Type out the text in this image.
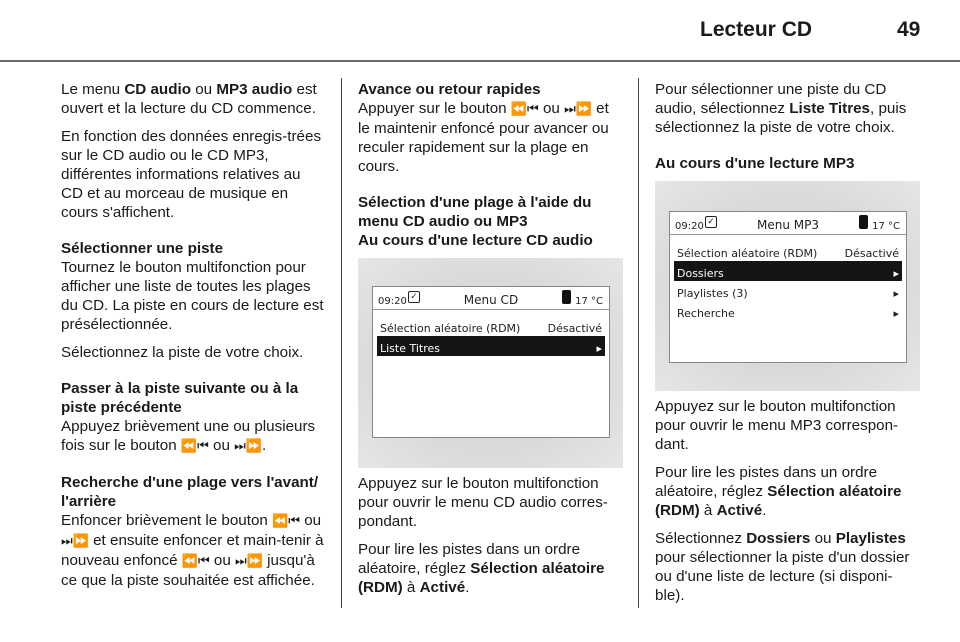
Lecteur CD	49

Le menu CD audio ou MP3 audio est ouvert et la lecture du CD commence.

En fonction des données enregis-trées sur le CD audio ou le CD MP3, différentes informations relatives au CD et au morceau de musique en cours s'affichent.

Sélectionner une piste

Tournez le bouton multifonction pour afficher une liste de toutes les plages du CD. La piste en cours de lecture est présélectionnée.

Sélectionnez la piste de votre choix.

Passer à la piste suivante ou à la piste précédente

Appuyez brièvement une ou plusieurs fois sur le bouton ⏪⏮ ou ⏭⏩.

Recherche d'une plage vers l'avant/ l'arrière

Enfoncer brièvement le bouton ⏪⏮ ou ⏭⏩ et ensuite enfoncer et main-tenir à nouveau enfoncé ⏪⏮ ou ⏭⏩ jusqu'à ce que la piste souhaitée est affichée.

Avance ou retour rapides

Appuyer sur le bouton ⏪⏮ ou ⏭⏩ et le maintenir enfoncé pour avancer ou reculer rapidement sur la plage en cours.

Sélection d'une plage à l'aide du menu CD audio ou MP3
Au cours d'une lecture CD audio
09:20 ✓	Menu CD	17 °C
Sélection aléatoire (RDM) Désactivé
Liste Titres	▸

Appuyez sur le bouton multifonction pour ouvrir le menu CD audio corres-pondant.

Pour lire les pistes dans un ordre aléatoire, réglez Sélection aléatoire (RDM) à Activé.

Pour sélectionner une piste du CD audio, sélectionnez Liste Titres, puis sélectionnez la piste de votre choix.

Au cours d'une lecture MP3
09:20 ✓	Menu MP3	17 °C
Sélection aléatoire (RDM) Désactivé
Dossiers	▸
Playlistes (3)	▸
Recherche	▸

Appuyez sur le bouton multifonction pour ouvrir le menu MP3 correspon-dant.

Pour lire les pistes dans un ordre aléatoire, réglez Sélection aléatoire (RDM) à Activé.

Sélectionnez Dossiers ou Playlistes pour sélectionner la piste d'un dossier ou d'une liste de lecture (si disponi-ble).
